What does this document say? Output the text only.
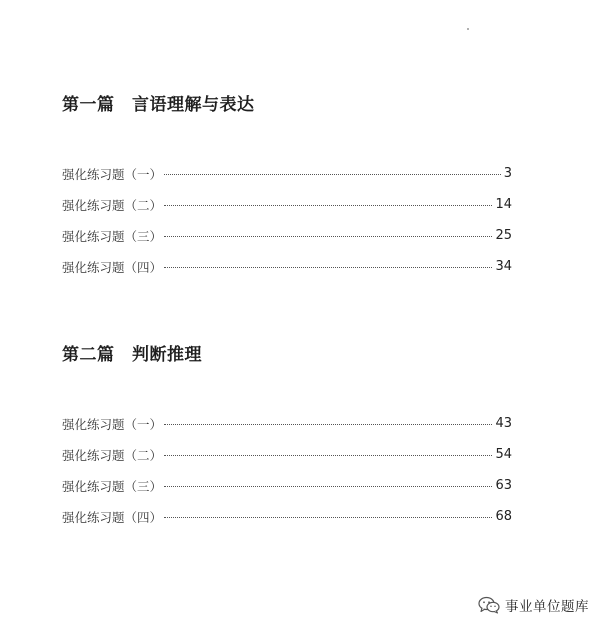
第一篇 言语理解与表达
强化练习题（一）	3
强化练习题（二）	14
强化练习题（三）	25
强化练习题（四）	34
第二篇 判断推理
强化练习题（一）	43
强化练习题（二）	54
强化练习题（三）	63
强化练习题（四）	68
事业单位题库
